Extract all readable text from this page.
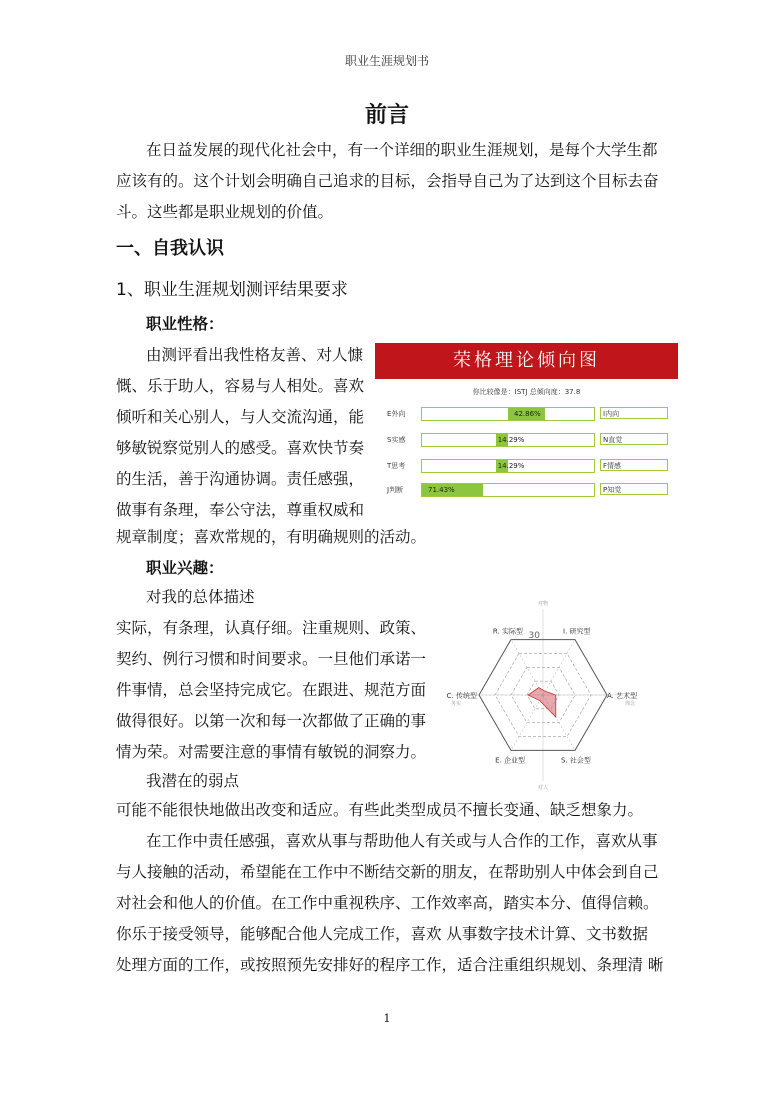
职业生涯规划书
前言
在日益发展的现代化社会中，有一个详细的职业生涯规划，是每个大学生都
应该有的。这个计划会明确自己追求的目标，会指导自己为了达到这个目标去奋
斗。这些都是职业规划的价值。
一、自我认识
1、职业生涯规划测评结果要求
职业性格：
由测评看出我性格友善、对人慷
慨、乐于助人，容易与人相处。喜欢
倾听和关心别人，与人交流沟通，能
够敏锐察觉别人的感受。喜欢快节奏
的生活，善于沟通协调。责任感强，
做事有条理，奉公守法，尊重权威和
规章制度；喜欢常规的，有明确规则的活动。
荣格理论倾向图
你比较像是：ISTJ 总倾向度：37.8
E外向	42.86%	I内向
S实感	14.29%	N直觉
T思考	14.29%	F情感
J判断	71.43%	P知觉
职业兴趣：
对我的总体描述
实际，有条理，认真仔细。注重规则、政策、
契约、例行习惯和时间要求。一旦他们承诺一
件事情，总会坚持完成它。在跟进、规范方面
做得很好。以第一次和每一次都做了正确的事
情为荣。对需要注意的事情有敏锐的洞察力。
我潜在的弱点
可能不能很快地做出改变和适应。有些此类型成员不擅长变通、缺乏想象力。
R. 实际型	I. 研究型
A. 艺术型
S. 社会型
E. 企业型
C. 传统型
对物
对人
务实	理念
30
在工作中责任感强，喜欢从事与帮助他人有关或与人合作的工作，喜欢从事
与人接触的活动，希望能在工作中不断结交新的朋友，在帮助别人中体会到自己
对社会和他人的价值。在工作中重视秩序、工作效率高，踏实本分、值得信赖。
你乐于接受领导，能够配合他人完成工作，喜欢 从事数字技术计算、文书数据
处理方面的工作，或按照预先安排好的程序工作，适合注重组织规划、条理清 晰
1
